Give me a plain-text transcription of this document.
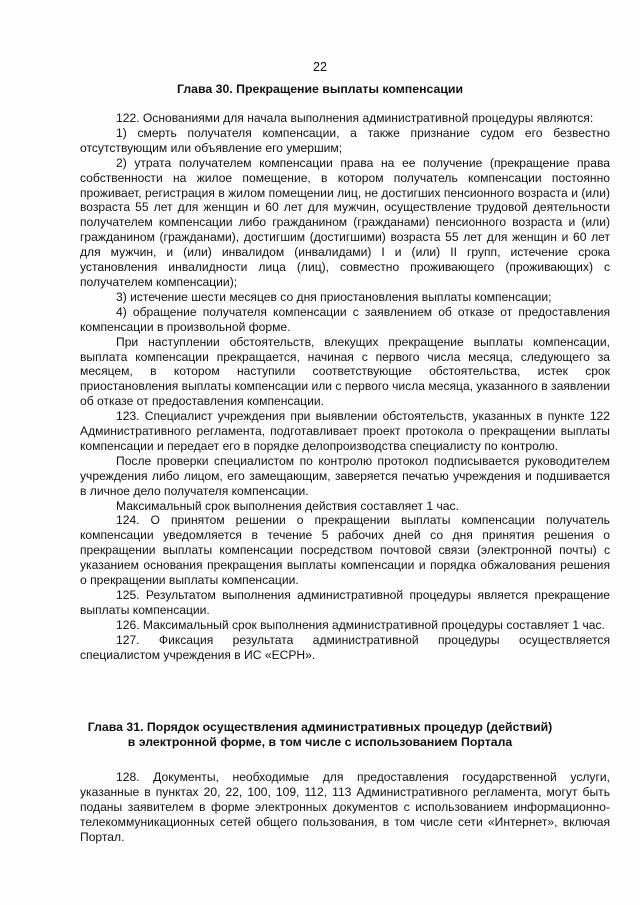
22
Глава 30. Прекращение выплаты компенсации

122. Основаниями для начала выполнения административной процедуры являются:

1) смерть получателя компенсации, а также признание судом его безвестно отсутствующим или объявление его умершим;

2) утрата получателем компенсации права на ее получение (прекращение права собственности на жилое помещение, в котором получатель компенсации постоянно проживает, регистрация в жилом помещении лиц, не достигших пенсионного возраста и (или) возраста 55 лет для женщин и 60 лет для мужчин, осуществление трудовой деятельности получателем компенсации либо гражданином (гражданами) пенсионного возраста и (или) гражданином (гражданами), достигшим (достигшими) возраста 55 лет для женщин и 60 лет для мужчин, и (или) инвалидом (инвалидами) I и (или) II групп, истечение срока установления инвалидности лица (лиц), совместно проживающего (проживающих) с получателем компенсации);

3) истечение шести месяцев со дня приостановления выплаты компенсации;

4) обращение получателя компенсации с заявлением об отказе от предоставления компенсации в произвольной форме.

При наступлении обстоятельств, влекущих прекращение выплаты компенсации, выплата компенсации прекращается, начиная с первого числа месяца, следующего за месяцем, в котором наступили соответствующие обстоятельства, истек срок приостановления выплаты компенсации или с первого числа месяца, указанного в заявлении об отказе от предоставления компенсации.

123. Специалист учреждения при выявлении обстоятельств, указанных в пункте 122 Административного регламента, подготавливает проект протокола о прекращении выплаты компенсации и передает его в порядке делопроизводства специалисту по контролю.

После проверки специалистом по контролю протокол подписывается руководителем учреждения либо лицом, его замещающим, заверяется печатью учреждения и подшивается в личное дело получателя компенсации.

Максимальный срок выполнения действия составляет 1 час.

124. О принятом решении о прекращении выплаты компенсации получатель компенсации уведомляется в течение 5 рабочих дней со дня принятия решения о прекращении выплаты компенсации посредством почтовой связи (электронной почты) с указанием основания прекращения выплаты компенсации и порядка обжалования решения о прекращении выплаты компенсации.

125. Результатом выполнения административной процедуры является прекращение выплаты компенсации.

126. Максимальный срок выполнения административной процедуры составляет 1 час.

127. Фиксация результата административной процедуры осуществляется специалистом учреждения в ИС «ЕСРН».

Глава 31. Порядок осуществления административных процедур (действий)
в электронной форме, в том числе с использованием Портала

128. Документы, необходимые для предоставления государственной услуги, указанные в пунктах 20, 22, 100, 109, 112, 113 Административного регламента, могут быть поданы заявителем в форме электронных документов с использованием информационно-телекоммуникационных сетей общего пользования, в том числе сети «Интернет», включая Портал.
